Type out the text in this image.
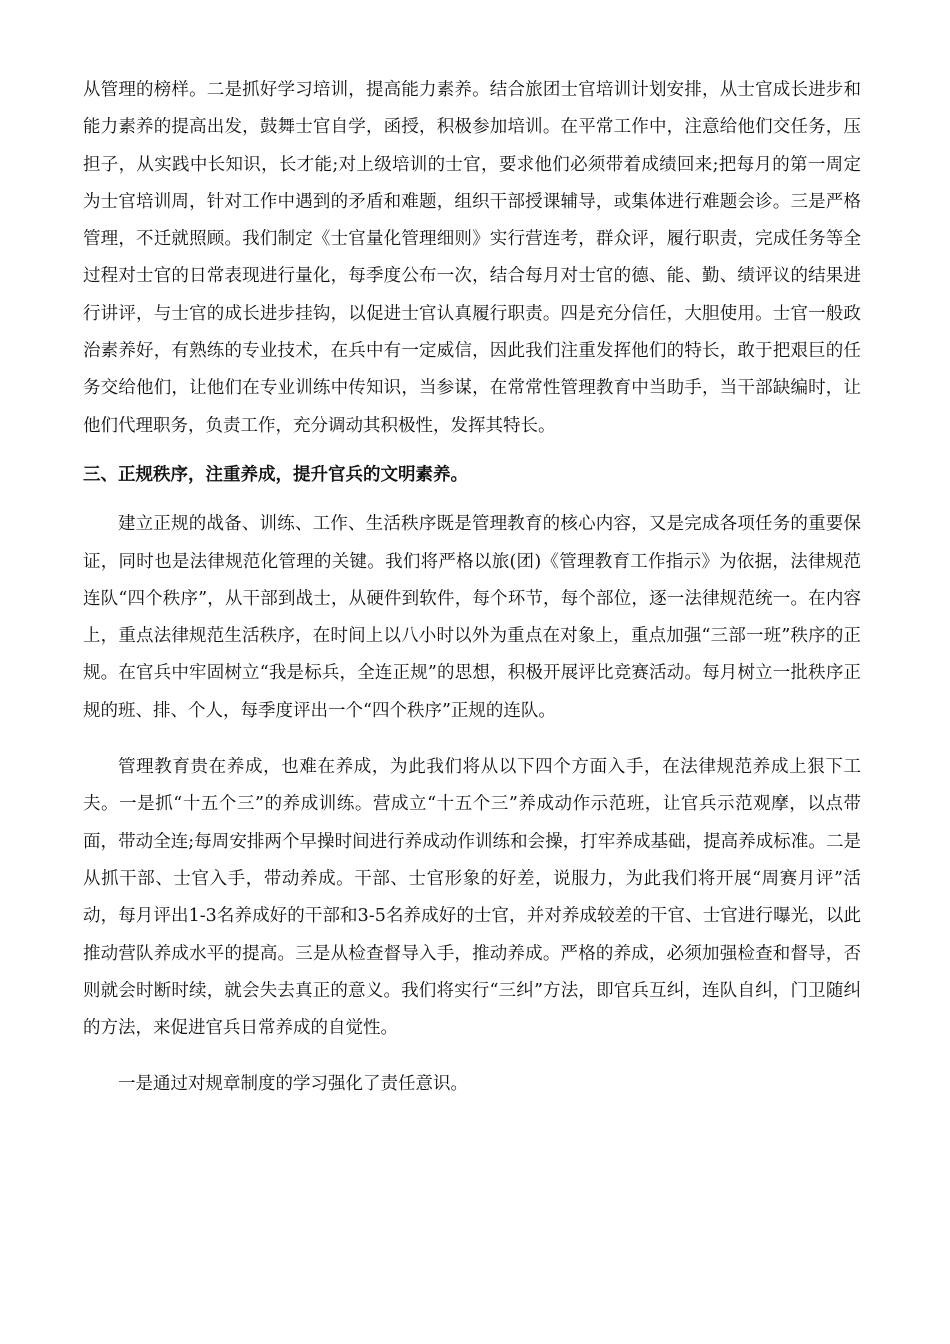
从管理的榜样。二是抓好学习培训，提高能力素养。结合旅团士官培训计划安排，从士官成长进步和能力素养的提高出发，鼓舞士官自学，函授，积极参加培训。在平常工作中，注意给他们交任务，压担子，从实践中长知识，长才能;对上级培训的士官，要求他们必须带着成绩回来;把每月的第一周定为士官培训周，针对工作中遇到的矛盾和难题，组织干部授课辅导，或集体进行难题会诊。三是严格管理，不迁就照顾。我们制定《士官量化管理细则》实行营连考，群众评，履行职责，完成任务等全过程对士官的日常表现进行量化，每季度公布一次，结合每月对士官的德、能、勤、绩评议的结果进行讲评，与士官的成长进步挂钩，以促进士官认真履行职责。四是充分信任，大胆使用。士官一般政治素养好，有熟练的专业技术，在兵中有一定威信，因此我们注重发挥他们的特长，敢于把艰巨的任务交给他们，让他们在专业训练中传知识，当参谋，在常常性管理教育中当助手，当干部缺编时，让他们代理职务，负责工作，充分调动其积极性，发挥其特长。

三、正规秩序，注重养成，提升官兵的文明素养。

建立正规的战备、训练、工作、生活秩序既是管理教育的核心内容，又是完成各项任务的重要保证，同时也是法律规范化管理的关键。我们将严格以旅(团)《管理教育工作指示》为依据，法律规范连队“四个秩序”，从干部到战士，从硬件到软件，每个环节，每个部位，逐一法律规范统一。在内容上，重点法律规范生活秩序，在时间上以八小时以外为重点在对象上，重点加强“三部一班”秩序的正规。在官兵中牢固树立“我是标兵，全连正规”的思想，积极开展评比竞赛活动。每月树立一批秩序正规的班、排、个人，每季度评出一个“四个秩序”正规的连队。

管理教育贵在养成，也难在养成，为此我们将从以下四个方面入手，在法律规范养成上狠下工夫。一是抓“十五个三”的养成训练。营成立“十五个三”养成动作示范班，让官兵示范观摩，以点带面，带动全连;每周安排两个早操时间进行养成动作训练和会操，打牢养成基础，提高养成标准。二是从抓干部、士官入手，带动养成。干部、士官形象的好差，说服力，为此我们将开展“周赛月评”活动，每月评出1-3名养成好的干部和3-5名养成好的士官，并对养成较差的干官、士官进行曝光，以此推动营队养成水平的提高。三是从检查督导入手，推动养成。严格的养成，必须加强检查和督导，否则就会时断时续，就会失去真正的意义。我们将实行“三纠”方法，即官兵互纠，连队自纠，门卫随纠的方法，来促进官兵日常养成的自觉性。

一是通过对规章制度的学习强化了责任意识。
